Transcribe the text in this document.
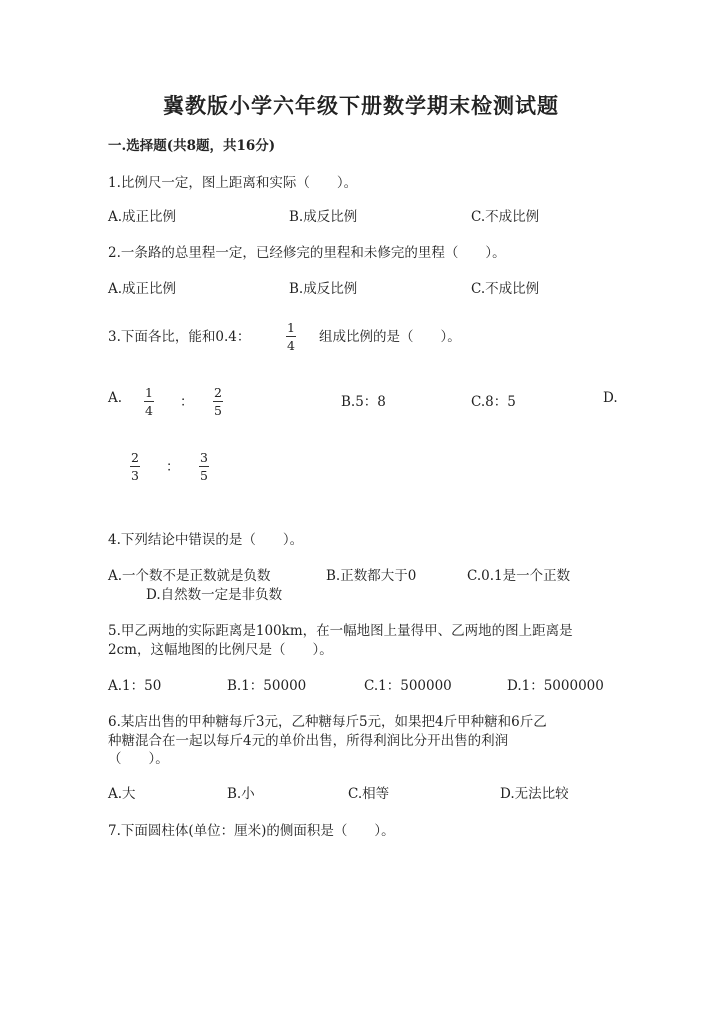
冀教版小学六年级下册数学期末检测试题
一.选择题(共8题，共16分)
1.比例尺一定，图上距离和实际（　　）。
A.成正比例	B.成反比例	C.不成比例
2.一条路的总里程一定，已经修完的里程和未修完的里程（　　）。
A.成正比例	B.成反比例	C.不成比例
3.下面各比，能和0.4：
1
4
组成比例的是（　　）。
A. 1
4
：
2
5
B.5：8	C.8：5	D.
2
3
：
3
5
4.下列结论中错误的是（　　）。
A.一个数不是正数就是负数	B.正数都大于0	C.0.1是一个正数
D.自然数一定是非负数
5.甲乙两地的实际距离是100km，在一幅地图上量得甲、乙两地的图上距离是
2cm，这幅地图的比例尺是（　　）。
A.1：50	B.1：50000	C.1：500000	D.1：5000000
6.某店出售的甲种糖每斤3元，乙种糖每斤5元，如果把4斤甲种糖和6斤乙
种糖混合在一起以每斤4元的单价出售，所得利润比分开出售的利润
（　　）。
A.大	B.小	C.相等	D.无法比较
7.下面圆柱体(单位：厘米)的侧面积是（　　）。
